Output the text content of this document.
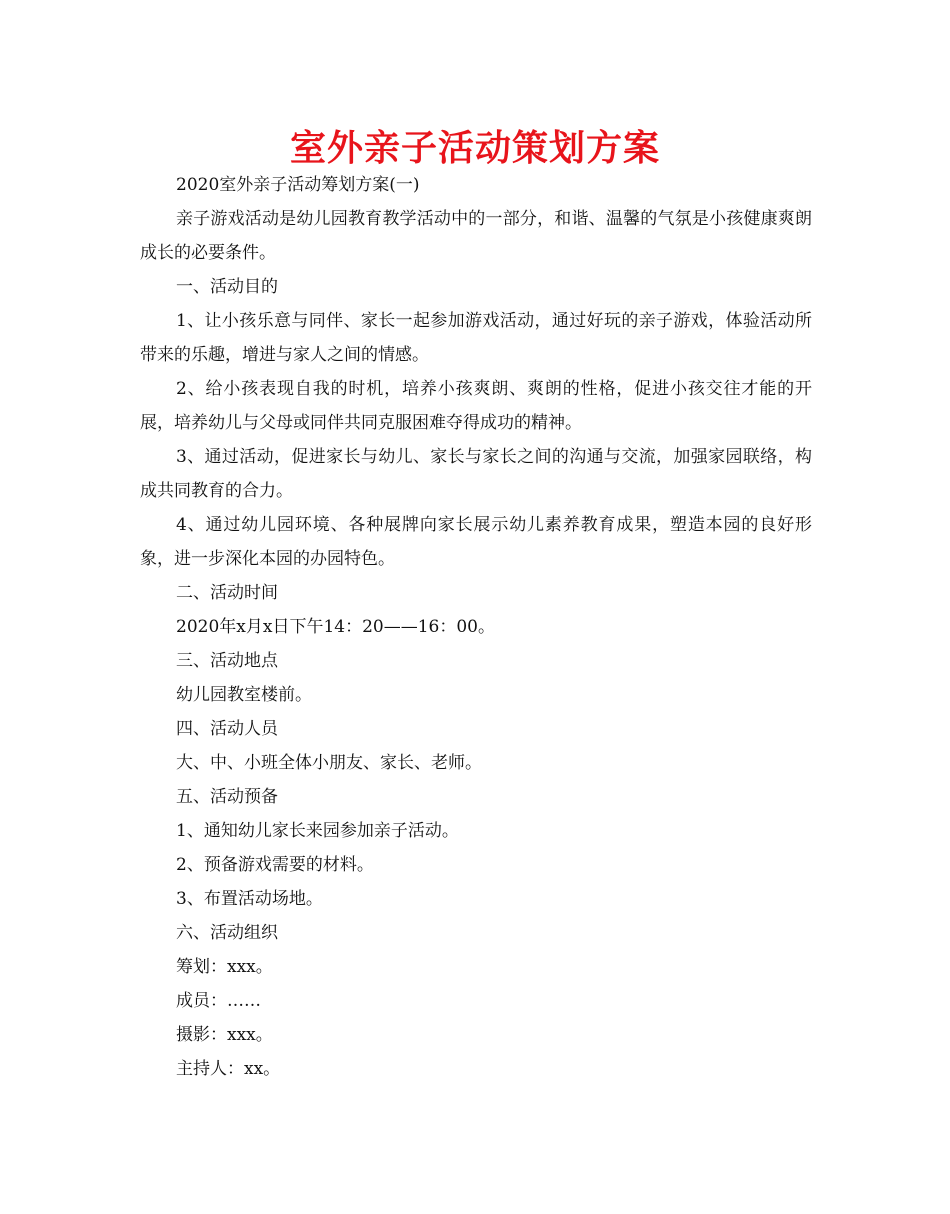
室外亲子活动策划方案

2020室外亲子活动筹划方案(一)

亲子游戏活动是幼儿园教育教学活动中的一部分，和谐、温馨的气氛是小孩健康爽朗成长的必要条件。

一、活动目的

1、让小孩乐意与同伴、家长一起参加游戏活动，通过好玩的亲子游戏，体验活动所带来的乐趣，增进与家人之间的情感。

2、给小孩表现自我的时机，培养小孩爽朗、爽朗的性格，促进小孩交往才能的开展，培养幼儿与父母或同伴共同克服困难夺得成功的精神。

3、通过活动，促进家长与幼儿、家长与家长之间的沟通与交流，加强家园联络，构成共同教育的合力。

4、通过幼儿园环境、各种展牌向家长展示幼儿素养教育成果，塑造本园的良好形象，进一步深化本园的办园特色。

二、活动时间

2020年x月x日下午14：20——16：00。

三、活动地点

幼儿园教室楼前。

四、活动人员

大、中、小班全体小朋友、家长、老师。

五、活动预备

1、通知幼儿家长来园参加亲子活动。

2、预备游戏需要的材料。

3、布置活动场地。

六、活动组织

筹划：xxx。

成员：……

摄影：xxx。

主持人：xx。
